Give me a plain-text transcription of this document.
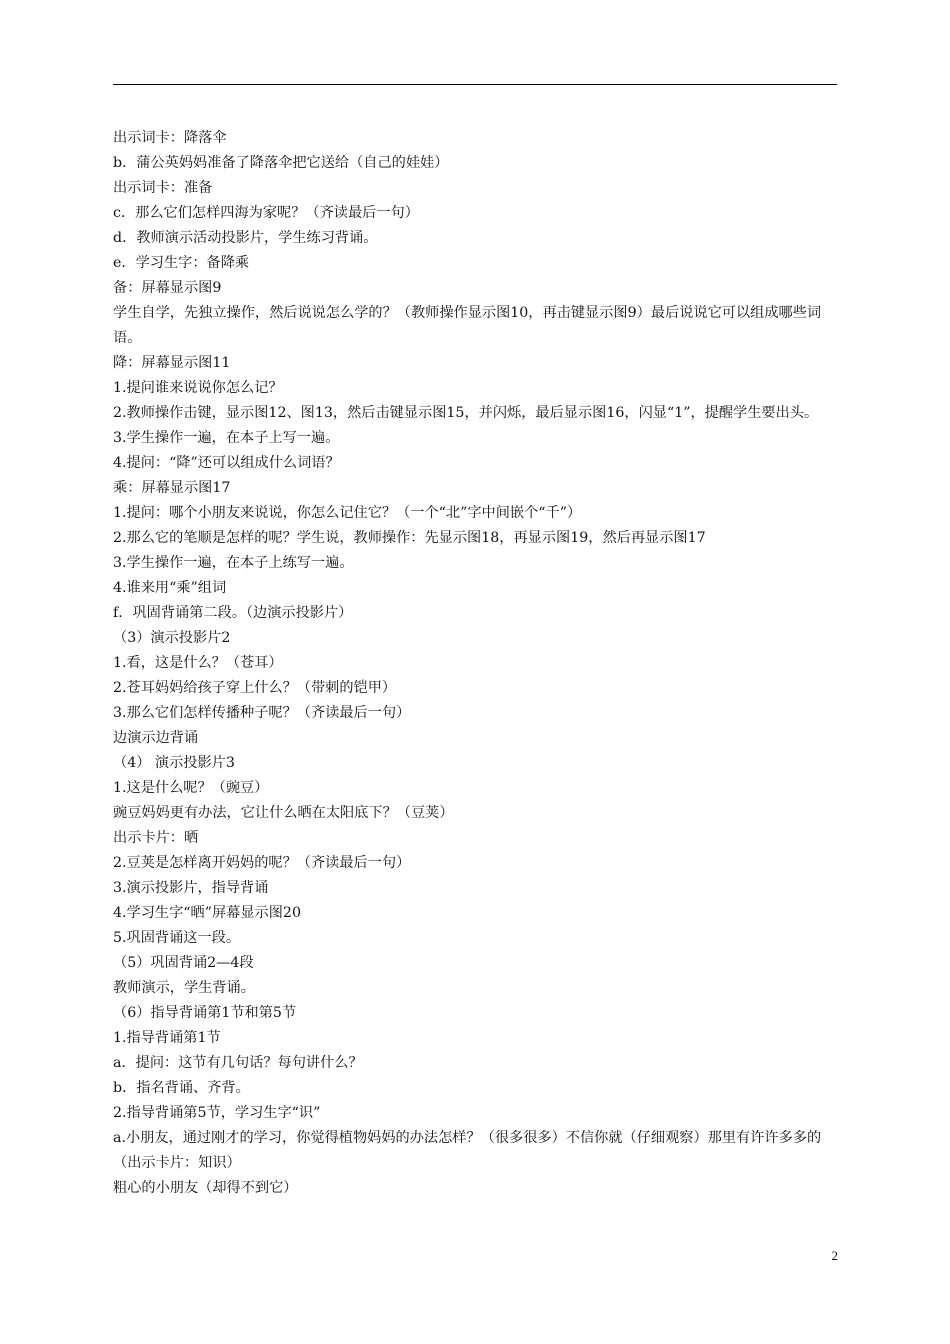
出示词卡：降落伞

b．蒲公英妈妈准备了降落伞把它送给（自己的娃娃）

出示词卡：准备

c．那么它们怎样四海为家呢？（齐读最后一句）

d．教师演示活动投影片，学生练习背诵。

e．学习生字：备降乘

备：屏幕显示图9

学生自学，先独立操作，然后说说怎么学的？（教师操作显示图10，再击键显示图9）最后说说它可以组成哪些词语。

降：屏幕显示图11

1.提问谁来说说你怎么记？

2.教师操作击键，显示图12、图13，然后击键显示图15，并闪烁，最后显示图16，闪显“1”，提醒学生要出头。

3.学生操作一遍，在本子上写一遍。

4.提问：“降”还可以组成什么词语？

乘：屏幕显示图17

1.提问：哪个小朋友来说说，你怎么记住它？（一个“北”字中间嵌个“千”）

2.那么它的笔顺是怎样的呢？学生说，教师操作：先显示图18，再显示图19，然后再显示图17

3.学生操作一遍，在本子上练写一遍。

4.谁来用“乘”组词

f．巩固背诵第二段。（边演示投影片）

（3）演示投影片2

1.看，这是什么？（苍耳）

2.苍耳妈妈给孩子穿上什么？（带刺的铠甲）

3.那么它们怎样传播种子呢？（齐读最后一句）

边演示边背诵

（4） 演示投影片3

1.这是什么呢？（豌豆）

豌豆妈妈更有办法，它让什么晒在太阳底下？（豆荚）

出示卡片：晒

2.豆荚是怎样离开妈妈的呢？（齐读最后一句）

3.演示投影片，指导背诵

4.学习生字“晒”屏幕显示图20

5.巩固背诵这一段。

（5）巩固背诵2—4段

教师演示，学生背诵。

（6）指导背诵第1节和第5节

1.指导背诵第1节

a．提问：这节有几句话？每句讲什么？

b．指名背诵、齐背。

2.指导背诵第5节，学习生字“识”

a.小朋友，通过刚才的学习，你觉得植物妈妈的办法怎样？（很多很多）不信你就（仔细观察）那里有许许多多的（出示卡片：知识）

粗心的小朋友（却得不到它）

2
